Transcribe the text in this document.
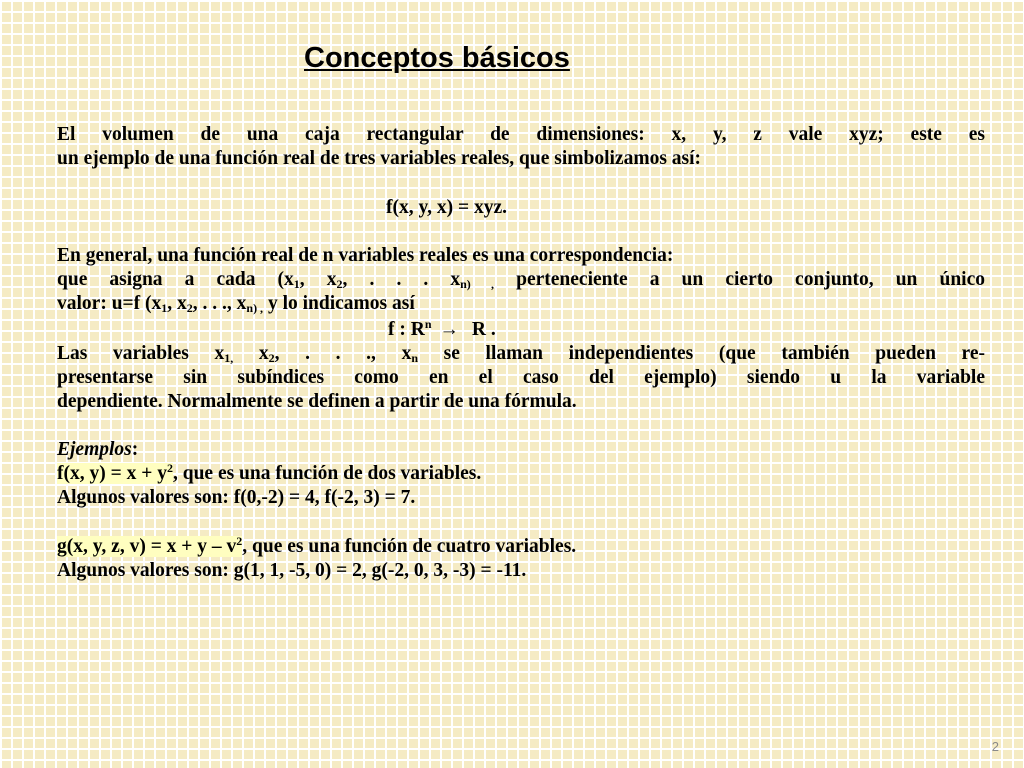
Conceptos básicos
El volumen de una caja rectangular de dimensiones: x, y, z vale xyz; este es
un ejemplo de una función real de tres variables reales, que simbolizamos así:
f(x, y, x) = xyz.
En general, una función real de n variables reales es una correspondencia:
que asigna a cada ($x_1$, $x_2$, . . . $x_{n) ,}$ perteneciente a un cierto conjunto, un único
valor: u=f ($x_1$, $x_2$, . . ., $x_{n) ,}$ y lo indicamos así
f : $R^n \to R$ .
Las variables $x_{1,}$ $x_2$, . . ., $x_n$ se llaman independientes (que también pueden re-
presentarse sin subíndices como en el caso del ejemplo) siendo u la variable
dependiente. Normalmente se definen a partir de una fórmula.
Ejemplos:
f(x, $y) = x + y^2$, que es una función de dos variables.
Algunos valores son: f(0,-2) = 4, f(-2, 3) = 7.
g(x, y, z, $v) = x + y - v^2$, que es una función de cuatro variables.
Algunos valores son: g(1, 1, -5, 0) = 2, g(-2, 0, 3, -3) = -11.
2
